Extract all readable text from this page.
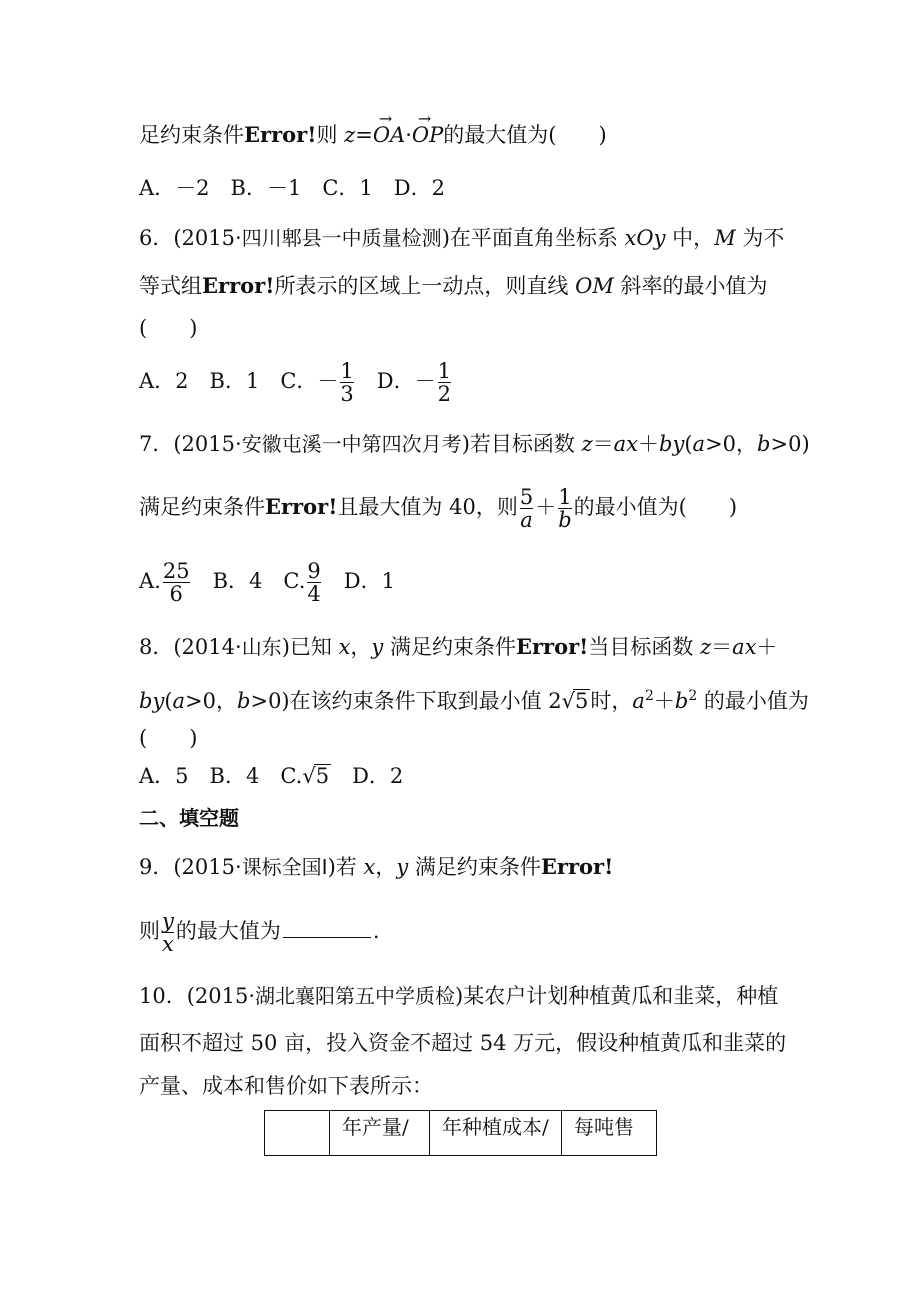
足约束条件Error!则 z=→ OA·→ OP的最大值为(　　)
A．－2　B．－1　C．1　D．2
6．(2015·四川郫县一中质量检测)在平面直角坐标系 xOy 中，M 为不
等式组Error!所表示的区域上一动点，则直线 OM 斜率的最小值为
(　　)
A．2　B．1　C．－ $\frac{1}{3}$ 　D．－ $\frac{1}{2}$
7．(2015·安徽屯溪一中第四次月考)若目标函数 z＝ax＋by(a>0，b>0)
满足约束条件Error!且最大值为 40，则 $\frac{5}{a} + \frac{1}{b}$ 的最小值为(　　)
A. $\frac{25}{6}$ 　B．4　C. $\frac{9}{4}$ 　D．1
8．(2014·山东)已知 x，y 满足约束条件Error!当目标函数 z＝ax＋
by(a>0，b>0)在该约束条件下取到最小值 2√5时，$a^2+b^2$ 的最小值为
(　　)
A．5　B．4　C.√5　D．2
二、填空题
9．(2015·课标全国Ⅰ)若 x，y 满足约束条件Error!
则 $\frac{y}{x}$ 的最大值为	.
10．(2015·湖北襄阳第五中学质检)某农户计划种植黄瓜和韭菜，种植
面积不超过 50 亩，投入资金不超过 54 万元，假设种植黄瓜和韭菜的
产量、成本和售价如下表所示：
	年产量/	年种植成本/	每吨售
